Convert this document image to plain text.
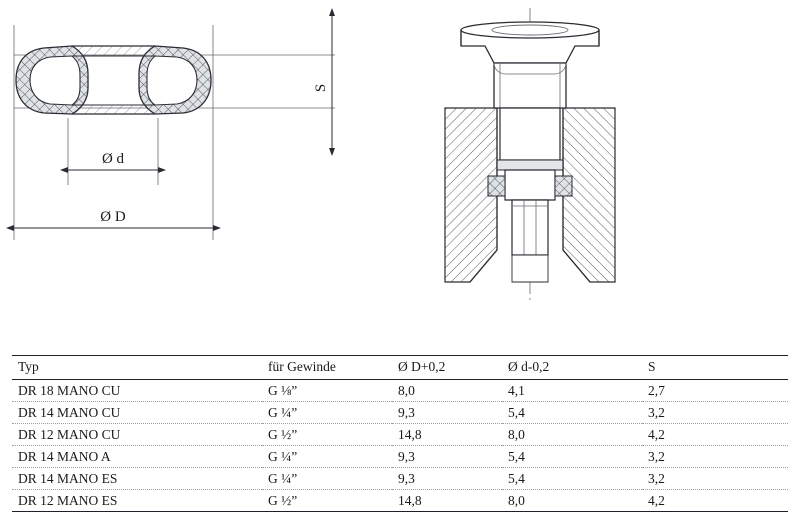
Ø d
Ø D
S
Typ	für Gewinde	Ø D+0,2	Ø d-0,2	S
DR 18 MANO CU	G ⅛”	8,0	4,1	2,7
DR 14 MANO CU	G ¼”	9,3	5,4	3,2
DR 12 MANO CU	G ½”	14,8	8,0	4,2
DR 14 MANO A	G ¼”	9,3	5,4	3,2
DR 14 MANO ES	G ¼”	9,3	5,4	3,2
DR 12 MANO ES	G ½”	14,8	8,0	4,2
